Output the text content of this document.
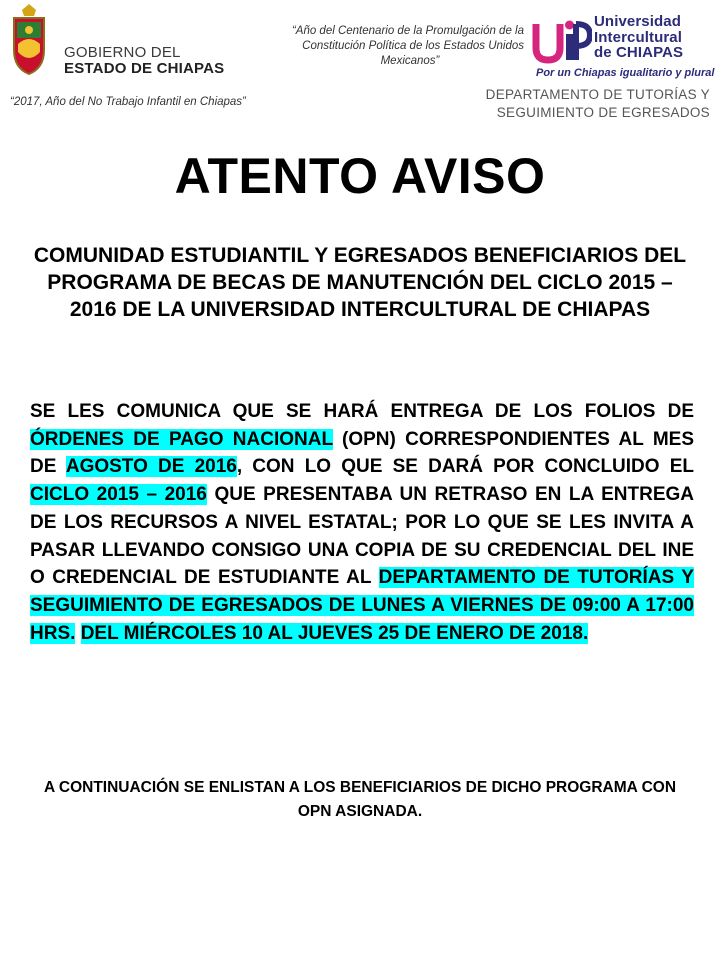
GOBIERNO DEL
ESTADO DE CHIAPAS
“2017, Año del No Trabajo Infantil en Chiapas”
“Año del Centenario de la Promulgación de la
Constitución Política de los Estados Unidos
Mexicanos”
Universidad
Intercultural
de CHIAPAS
Por un Chiapas igualitario y plural
DEPARTAMENTO DE TUTORÍAS Y
SEGUIMIENTO DE EGRESADOS
ATENTO AVISO
COMUNIDAD ESTUDIANTIL Y EGRESADOS BENEFICIARIOS DEL PROGRAMA DE BECAS DE MANUTENCIÓN DEL CICLO 2015 – 2016 DE LA UNIVERSIDAD INTERCULTURAL DE CHIAPAS
SE LES COMUNICA QUE SE HARÁ ENTREGA DE LOS FOLIOS DE ÓRDENES DE PAGO NACIONAL (OPN) CORRESPONDIENTES AL MES DE AGOSTO DE 2016, CON LO QUE SE DARÁ POR CONCLUIDO EL CICLO 2015 – 2016 QUE PRESENTABA UN RETRASO EN LA ENTREGA DE LOS RECURSOS A NIVEL ESTATAL; POR LO QUE SE LES INVITA A PASAR LLEVANDO CONSIGO UNA COPIA DE SU CREDENCIAL DEL INE O CREDENCIAL DE ESTUDIANTE AL DEPARTAMENTO DE TUTORÍAS Y SEGUIMIENTO DE EGRESADOS DE LUNES A VIERNES DE 09:00 A 17:00 HRS. DEL MIÉRCOLES 10 AL JUEVES 25 DE ENERO DE 2018.
A CONTINUACIÓN SE ENLISTAN A LOS BENEFICIARIOS DE DICHO PROGRAMA CON OPN ASIGNADA.
